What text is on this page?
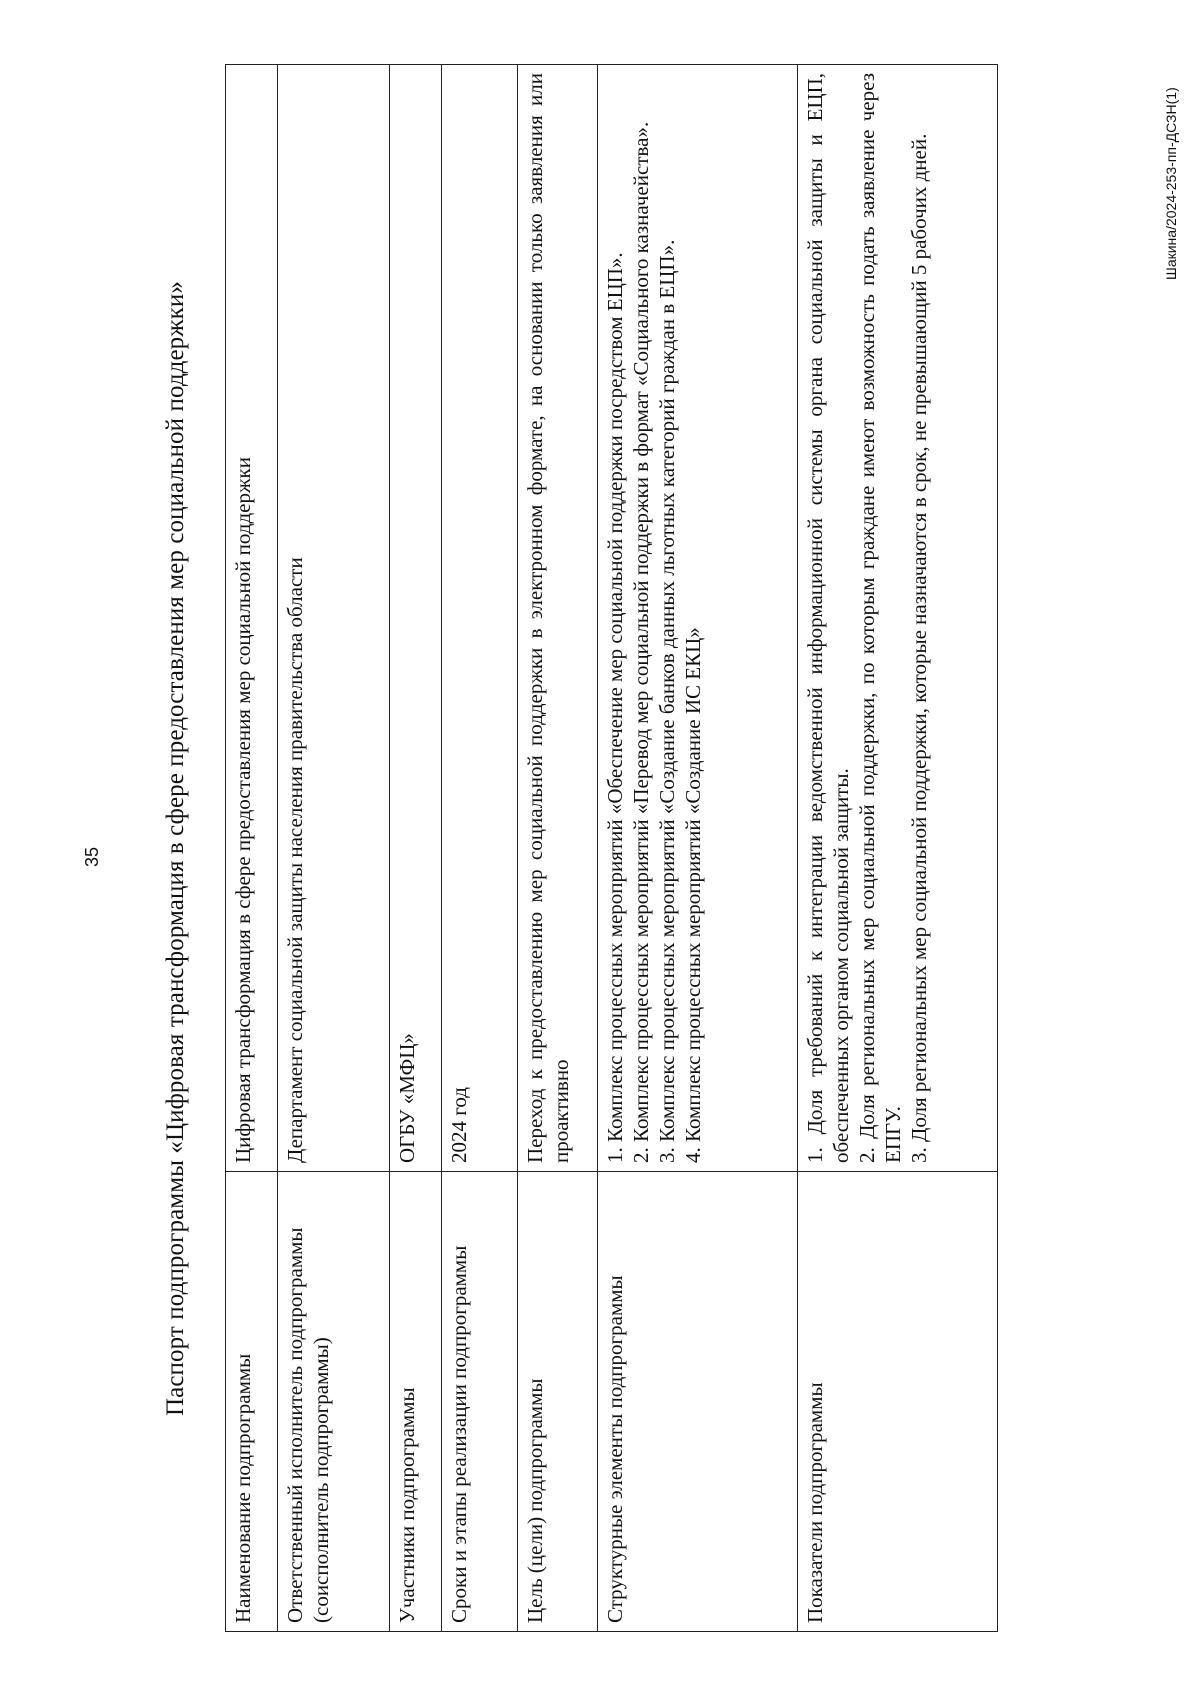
35 Паспорт подпрограммы «Цифровая трансформация в сфере предоставления мер социальной поддержки»
Наименование подпрограммы	Цифровая трансформация в сфере предоставления мер социальной поддержки

Ответственный исполнитель подпрограммы (соисполнитель подпрограммы)	Департамент социальной защиты населения правительства области

Участники подпрограммы	ОГБУ «МФЦ»

Сроки и этапы реализации подпрограммы	2024 год

Цель (цели) подпрограммы	Переход к предоставлению мер социальной поддержки в электронном формате, на основании только заявления или проактивно

Структурные элементы подпрограммы	1. Комплекс процессных мероприятий «Обеспечение мер социальной поддержки посредством ЕЦП». 2. Комплекс процессных мероприятий «Перевод мер социальной поддержки в формат «Социального казначейства». 3. Комплекс процессных мероприятий «Создание банков данных льготных категорий граждан в ЕЦП». 4. Комплекс процессных мероприятий «Создание ИС ЕКЦ»

Показатели подпрограммы	1. Доля требований к интеграции ведомственной информационной системы органа социальной защиты и ЕЦП, обеспеченных органом социальной защиты. 2. Доля региональных мер социальной поддержки, по которым граждане имеют возможность подать заявление через ЕПГУ. 3. Доля региональных мер социальной поддержки, которые назначаются в срок, не превышающий 5 рабочих дней.	Шакина/2024-253-пп-ДСЗН(1)
